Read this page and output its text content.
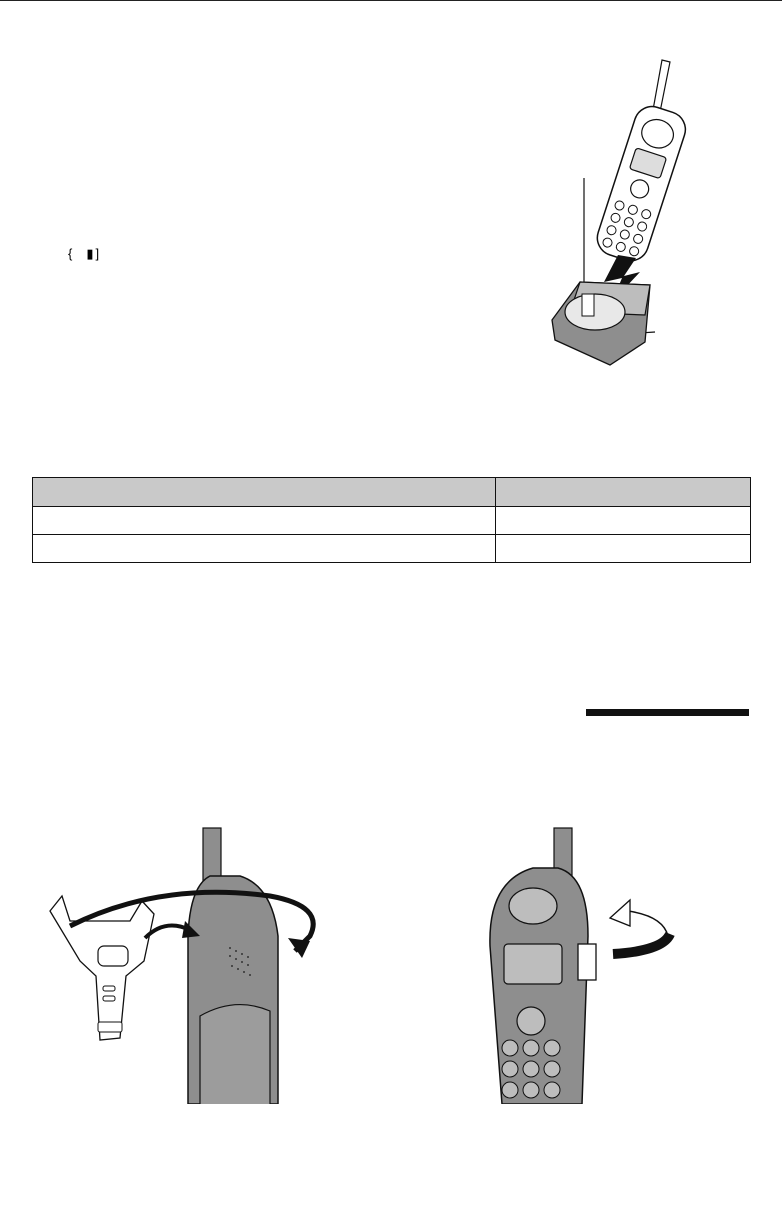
{ ▮ ]
